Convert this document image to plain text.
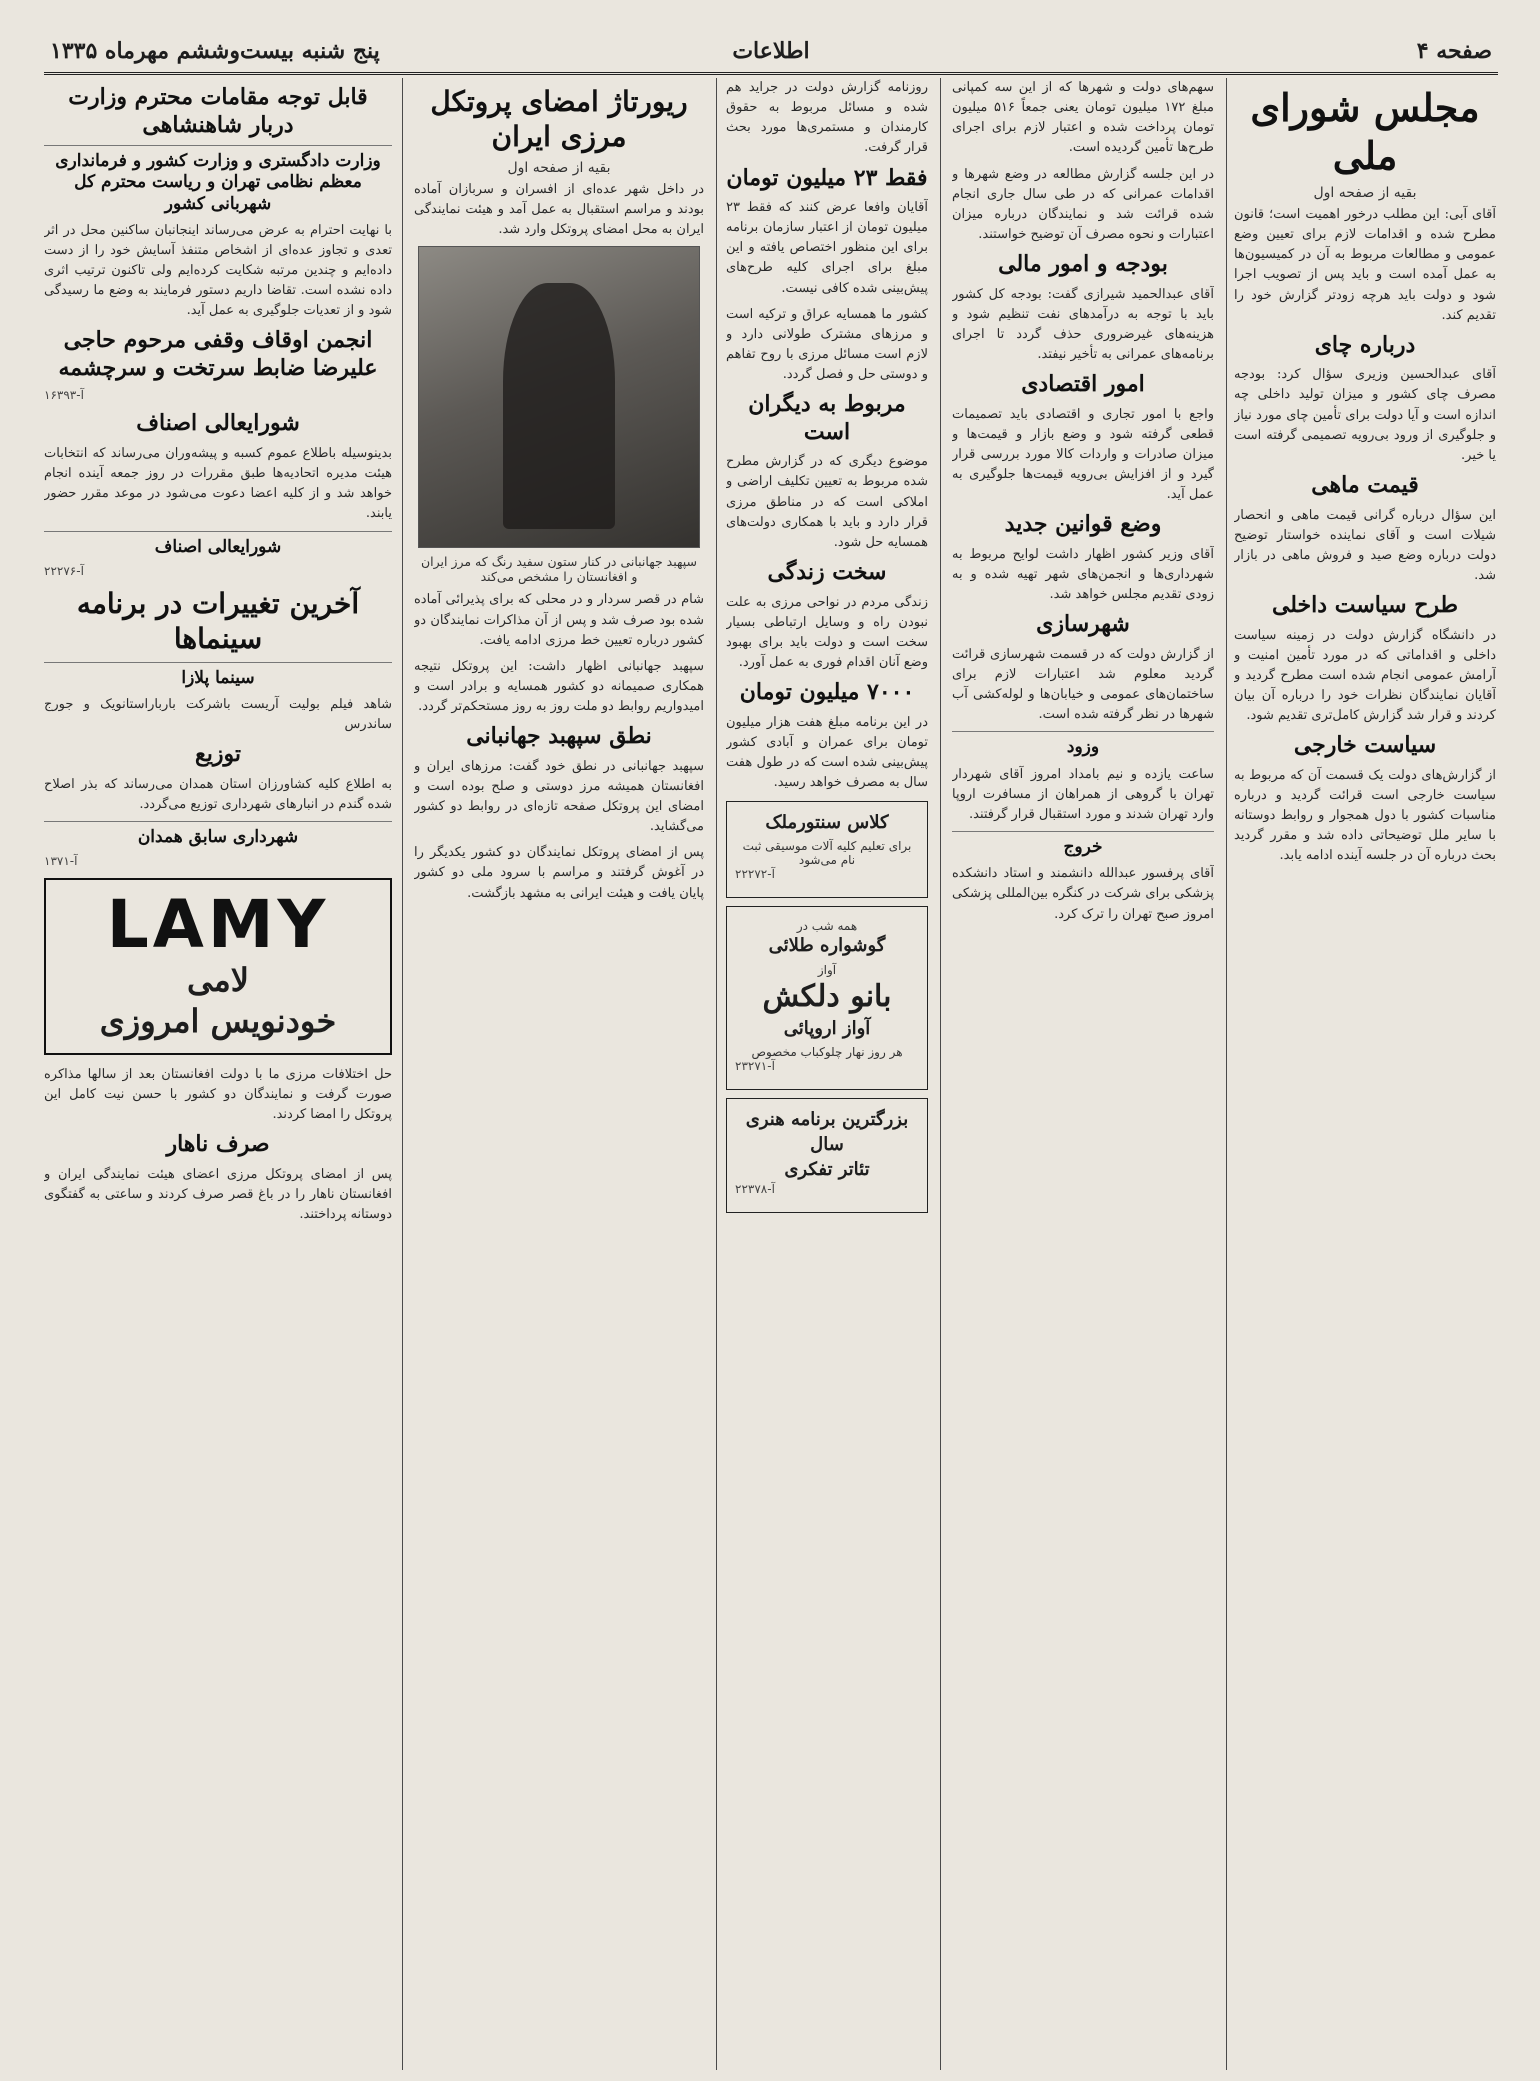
صفحه ۴
اطلاعات
پنج شنبه بیست‌وششم مهرماه ۱۳۳۵
مجلس شورای ملی
بقیه از صفحه اول

آقای آبی: این مطلب درخور اهمیت است؛ قانون مطرح شده و اقدامات لازم برای تعیین وضع عمومی و مطالعات مربوط به آن در کمیسیون‌ها به عمل آمده است و باید پس از تصویب اجرا شود و دولت باید هرچه زودتر گزارش خود را تقدیم کند.

درباره چای

آقای عبدالحسین وزیری سؤال کرد: بودجه مصرف چای کشور و میزان تولید داخلی چه اندازه است و آیا دولت برای تأمین چای مورد نیاز و جلوگیری از ورود بی‌رویه تصمیمی گرفته است یا خیر.

قیمت ماهی

این سؤال درباره گرانی قیمت ماهی و انحصار شیلات است و آقای نماینده خواستار توضیح دولت درباره وضع صید و فروش ماهی در بازار شد.

طرح سیاست داخلی

در دانشگاه گزارش دولت در زمینه سیاست داخلی و اقداماتی که در مورد تأمین امنیت و آرامش عمومی انجام شده است مطرح گردید و آقایان نمایندگان نظرات خود را درباره آن بیان کردند و قرار شد گزارش کامل‌تری تقدیم شود.

سیاست خارجی

از گزارش‌های دولت یک قسمت آن که مربوط به سیاست خارجی است قرائت گردید و درباره مناسبات کشور با دول همجوار و روابط دوستانه با سایر ملل توضیحاتی داده شد و مقرر گردید بحث درباره آن در جلسه آینده ادامه یابد.

سهم‌های دولت و شهرها که از این سه کمپانی مبلغ ۱۷۲ میلیون تومان یعنی جمعاً ۵۱۶ میلیون تومان پرداخت شده و اعتبار لازم برای اجرای طرح‌ها تأمین گردیده است.

در این جلسه گزارش مطالعه در وضع شهرها و اقدامات عمرانی که در طی سال جاری انجام شده قرائت شد و نمایندگان درباره میزان اعتبارات و نحوه مصرف آن توضیح خواستند.

بودجه و امور مالی

آقای عبدالحمید شیرازی گفت: بودجه کل کشور باید با توجه به درآمدهای نفت تنظیم شود و هزینه‌های غیرضروری حذف گردد تا اجرای برنامه‌های عمرانی به تأخیر نیفتد.

امور اقتصادی

واجع با امور تجاری و اقتصادی باید تصمیمات قطعی گرفته شود و وضع بازار و قیمت‌ها و میزان صادرات و واردات کالا مورد بررسی قرار گیرد و از افزایش بی‌رویه قیمت‌ها جلوگیری به عمل آید.

وضع قوانین جدید

آقای وزیر کشور اظهار داشت لوایح مربوط به شهرداری‌ها و انجمن‌های شهر تهیه شده و به زودی تقدیم مجلس خواهد شد.

شهرسازی

از گزارش دولت که در قسمت شهرسازی قرائت گردید معلوم شد اعتبارات لازم برای ساختمان‌های عمومی و خیابان‌ها و لوله‌کشی آب شهرها در نظر گرفته شده است.

وزود

ساعت یازده و نیم بامداد امروز آقای شهردار تهران با گروهی از همراهان از مسافرت اروپا وارد تهران شدند و مورد استقبال قرار گرفتند.

خروج

آقای پرفسور عبدالله دانشمند و استاد دانشکده پزشکی برای شرکت در کنگره بین‌المللی پزشکی امروز صبح تهران را ترک کرد.

روزنامه گزارش دولت در جراید هم شده و مسائل مربوط به حقوق کارمندان و مستمری‌ها مورد بحث قرار گرفت.

فقط ۲۳ میلیون تومان

آقایان وافعا عرض کنند که فقط ۲۳ میلیون تومان از اعتبار سازمان برنامه برای این منظور اختصاص یافته و این مبلغ برای اجرای کلیه طرح‌های پیش‌بینی شده کافی نیست.

کشور ما همسایه عراق و ترکیه است و مرزهای مشترک طولانی دارد و لازم است مسائل مرزی با روح تفاهم و دوستی حل و فصل گردد.

مربوط به دیگران است

موضوع دیگری که در گزارش مطرح شده مربوط به تعیین تکلیف اراضی و املاکی است که در مناطق مرزی قرار دارد و باید با همکاری دولت‌های همسایه حل شود.

سخت زندگی

زندگی مردم در نواحی مرزی به علت نبودن راه و وسایل ارتباطی بسیار سخت است و دولت باید برای بهبود وضع آنان اقدام فوری به عمل آورد.

۷۰۰۰ میلیون تومان

در این برنامه مبلغ هفت هزار میلیون تومان برای عمران و آبادی کشور پیش‌بینی شده است که در طول هفت سال به مصرف خواهد رسید.

کلاس سنتورملک
برای تعلیم کلیه آلات موسیقی ثبت نام می‌شود
آ-۲۲۲۷۲
همه شب در
گوشواره طلائی
آواز
بانو دلکش
آواز اروپائی
هر روز نهار چلوکباب مخصوص
آ-۲۳۲۷۱
بزرگترین برنامه هنری سال
تئاتر تفکری
آ-۲۲۳۷۸
ریورتاژ امضای پروتکل مرزی ایران
بقیه از صفحه اول

در داخل شهر عده‌ای از افسران و سربازان آماده بودند و مراسم استقبال به عمل آمد و هیئت نمایندگی ایران به محل امضای پروتکل وارد شد.

سپهبد جهانبانی در کنار ستون سفید رنگ که مرز ایران و افغانستان را مشخص می‌کند

شام در قصر سردار و در محلی که برای پذیرائی آماده شده بود صرف شد و پس از آن مذاکرات نمایندگان دو کشور درباره تعیین خط مرزی ادامه یافت.

سپهبد جهانبانی اظهار داشت: این پروتکل نتیجه همکاری صمیمانه دو کشور همسایه و برادر است و امیدواریم روابط دو ملت روز به روز مستحکم‌تر گردد.

نطق سپهبد جهانبانی

سپهبد جهانبانی در نطق خود گفت: مرزهای ایران و افغانستان همیشه مرز دوستی و صلح بوده است و امضای این پروتکل صفحه تازه‌ای در روابط دو کشور می‌گشاید.

پس از امضای پروتکل نمایندگان دو کشور یکدیگر را در آغوش گرفتند و مراسم با سرود ملی دو کشور پایان یافت و هیئت ایرانی به مشهد بازگشت.

قابل توجه مقامات محترم وزارت دربار شاهنشاهی
وزارت دادگستری و وزارت کشور و فرمانداری معظم نظامی تهران و ریاست محترم کل شهربانی کشور

با نهایت احترام به عرض می‌رساند اینجانبان ساکنین محل در اثر تعدی و تجاوز عده‌ای از اشخاص متنفذ آسایش خود را از دست داده‌ایم و چندین مرتبه شکایت کرده‌ایم ولی تاکنون ترتیب اثری داده نشده است. تقاضا داریم دستور فرمایند به وضع ما رسیدگی شود و از تعدیات جلوگیری به عمل آید.

انجمن اوقاف وقفی مرحوم حاجی علیرضا ضابط سرتخت و سرچشمه
آ-۱۶۳۹۳
شورایعالی اصناف

بدینوسیله باطلاع عموم کسبه و پیشه‌وران می‌رساند که انتخابات هیئت مدیره اتحادیه‌ها طبق مقررات در روز جمعه آینده انجام خواهد شد و از کلیه اعضا دعوت می‌شود در موعد مقرر حضور یابند.

شورایعالی اصناف
آ-۲۲۲۷۶
آخرین تغییرات در برنامه سینماها
سینما پلازا

شاهد فیلم بولیت آریست باشرکت بارباراستانویک و جورج ساندرس

توزیع

به اطلاع کلیه کشاورزان استان همدان می‌رساند که بذر اصلاح شده گندم در انبارهای شهرداری توزیع می‌گردد.

شهرداری سابق همدان
آ-۱۳۷۱
LAMY
لامی
خودنویس امروزی

حل اختلافات مرزی ما با دولت افغانستان بعد از سالها مذاکره صورت گرفت و نمایندگان دو کشور با حسن نیت کامل این پروتکل را امضا کردند.

صرف ناهار

پس از امضای پروتکل مرزی اعضای هیئت نمایندگی ایران و افغانستان ناهار را در باغ قصر صرف کردند و ساعتی به گفتگوی دوستانه پرداختند.
